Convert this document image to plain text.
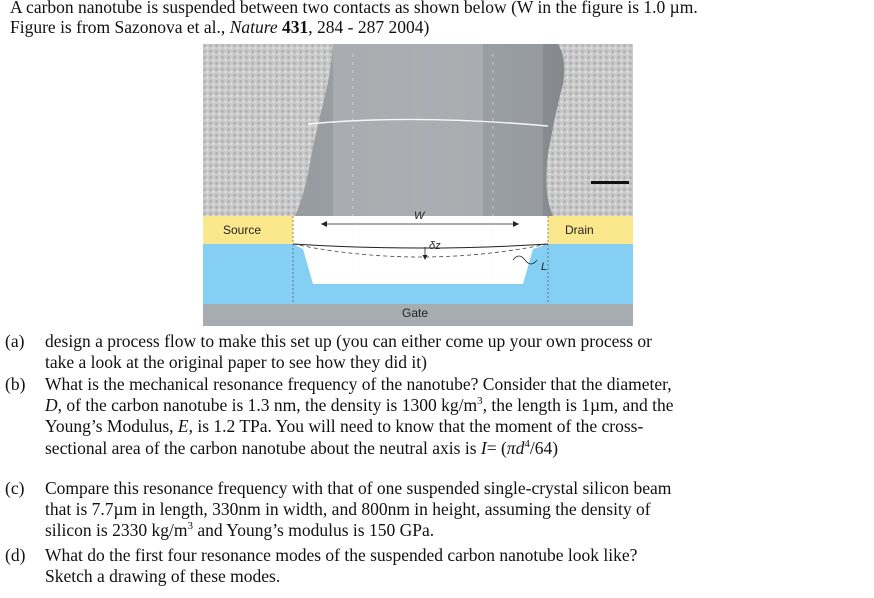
A carbon nanotube is suspended between two contacts as shown below (W in the figure is 1.0 µm.
Figure is from Sazonova et al., Nature 431, 284 - 287 2004)
Source	Drain
Gate
W
δz
L
(a) design a process flow to make this set up (you can either come up your own process or

take a look at the original paper to see how they did it)

(b) What is the mechanical resonance frequency of the nanotube? Consider that the diameter,

D, of the carbon nanotube is 1.3 nm, the density is 1300 $kg/m^3$, the length is 1µm, and the

Young’s Modulus, E, is 1.2 TPa. You will need to know that the moment of the cross-

sectional area of the carbon nanotube about the neutral axis is $I= (\pi d^4/64)$

(c) Compare this resonance frequency with that of one suspended single-crystal silicon beam

that is 7.7µm in length, 330nm in width, and 800nm in height, assuming the density of

silicon is 2330 $kg/m^3$ and Young’s modulus is 150 GPa.

(d) What do the first four resonance modes of the suspended carbon nanotube look like?

Sketch a drawing of these modes.
